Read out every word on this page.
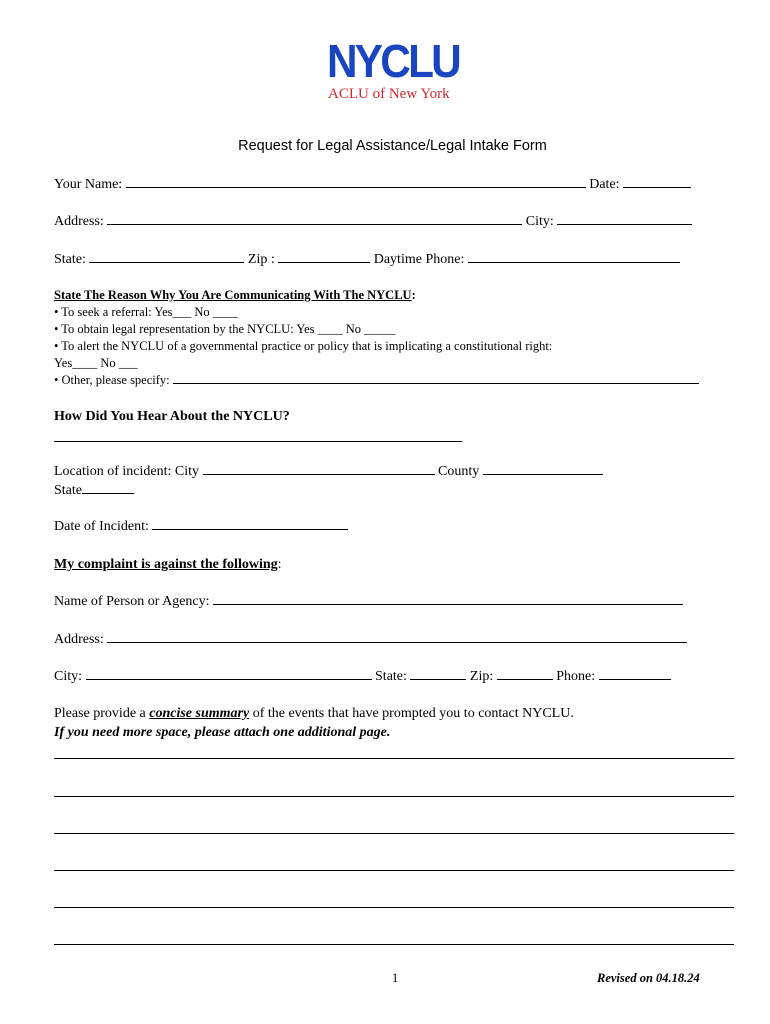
NYCLU
ACLU of New York
Request for Legal Assistance/Legal Intake Form
Your Name:	Date:
Address:	City:
State:	Zip :	Daytime Phone:
State The Reason Why You Are Communicating With The NYCLU:
• To seek a referral: Yes___ No ____
• To obtain legal representation by the NYCLU: Yes ____ No _____
• To alert the NYCLU of a governmental practice or policy that is implicating a constitutional right:
Yes____ No ___
• Other, please specify:
How Did You Hear About the NYCLU?
Location of incident: City	County
State
Date of Incident:
My complaint is against the following:
Name of Person or Agency:
Address:
City:	State:	Zip:	Phone:
Please provide a concise summary of the events that have prompted you to contact NYCLU.
If you need more space, please attach one additional page.
1	Revised on 04.18.24
